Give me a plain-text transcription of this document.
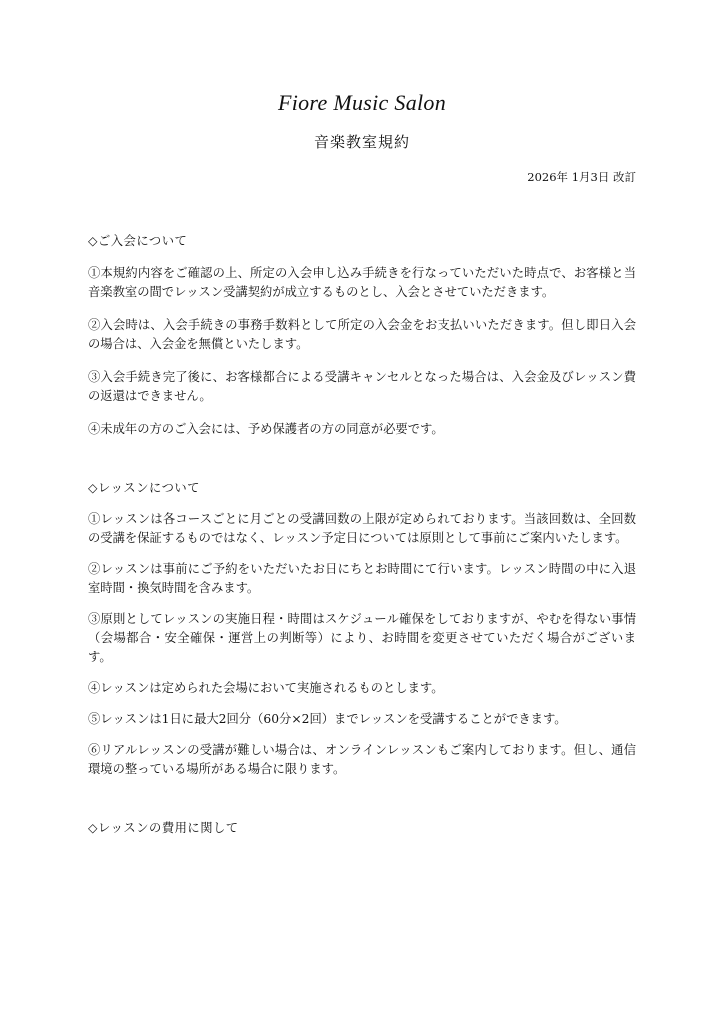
Fiore Music Salon
音楽教室規約
2026年 1月3日 改訂

◇ご入会について

①本規約内容をご確認の上、所定の入会申し込み手続きを行なっていただいた時点で、お客様と当音楽教室の間でレッスン受講契約が成立するものとし、入会とさせていただきます。

②入会時は、入会手続きの事務手数料として所定の入会金をお支払いいただきます。但し即日入会の場合は、入会金を無償といたします。

③入会手続き完了後に、お客様都合による受講キャンセルとなった場合は、入会金及びレッスン費の返還はできません。

④未成年の方のご入会には、予め保護者の方の同意が必要です。

◇レッスンについて

①レッスンは各コースごとに月ごとの受講回数の上限が定められております。当該回数は、全回数の受講を保証するものではなく、レッスン予定日については原則として事前にご案内いたします。

②レッスンは事前にご予約をいただいたお日にちとお時間にて行います。レッスン時間の中に入退室時間・換気時間を含みます。

③原則としてレッスンの実施日程・時間はスケジュール確保をしておりますが、やむを得ない事情（会場都合・安全確保・運営上の判断等）により、お時間を変更させていただく場合がございます。

④レッスンは定められた会場において実施されるものとします。

⑤レッスンは1日に最大2回分（60分×2回）までレッスンを受講することができます。

⑥リアルレッスンの受講が難しい場合は、オンラインレッスンもご案内しております。但し、通信環境の整っている場所がある場合に限ります。

◇レッスンの費用に関して
